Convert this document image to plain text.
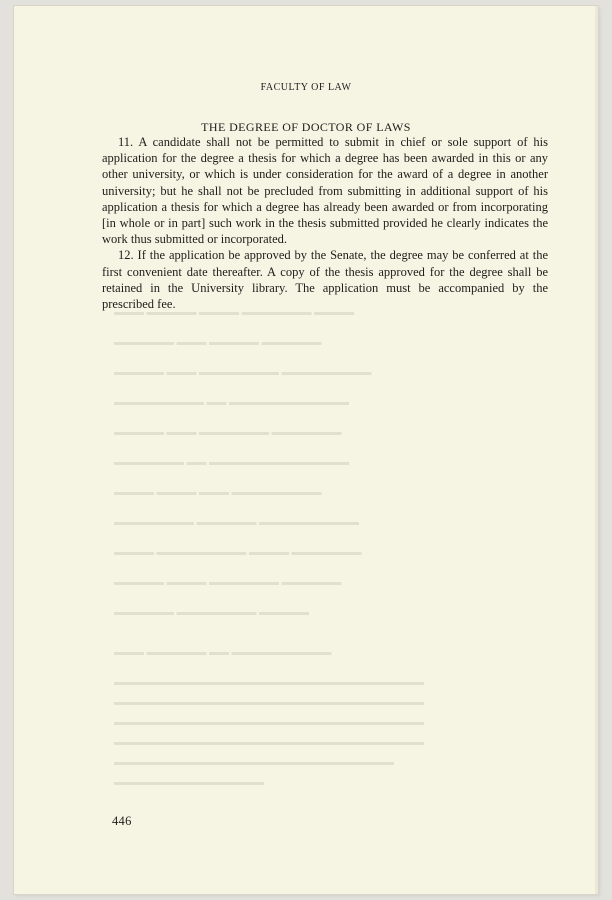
FACULTY OF LAW
THE DEGREE OF DOCTOR OF LAWS

11. A candidate shall not be permitted to submit in chief or sole support of his application for the degree a thesis for which a degree has been awarded in this or any other university, or which is under consideration for the award of a degree in another university; but he shall not be precluded from submitting in additional support of his application a thesis for which a degree has already been awarded or from incorporating [in whole or in part] such work in the thesis submitted provided he clearly indicates the work thus submitted or incorporated.

12. If the application be approved by the Senate, the degree may be conferred at the first convenient date thereafter. A copy of the thesis approved for the degree shall be retained in the University library. The application must be accompanied by the prescribed fee.

▬▬▬ ▬▬▬▬▬ ▬▬▬▬ ▬▬▬▬▬▬▬ ▬▬▬▬
▬▬▬▬▬▬ ▬▬▬ ▬▬▬▬▬ ▬▬▬▬▬▬
▬▬▬▬▬ ▬▬▬ ▬▬▬▬▬▬▬▬ ▬▬▬▬▬▬▬▬▬
▬▬▬▬▬▬▬▬▬ ▬▬ ▬▬▬▬▬▬▬▬▬▬▬▬
▬▬▬▬▬ ▬▬▬ ▬▬▬▬▬▬▬ ▬▬▬▬▬▬▬
▬▬▬▬▬▬▬ ▬▬ ▬▬▬▬▬▬▬▬▬▬▬▬▬▬
▬▬▬▬ ▬▬▬▬ ▬▬▬ ▬▬▬▬▬▬▬▬▬
▬▬▬▬▬▬▬▬ ▬▬▬▬▬▬ ▬▬▬▬▬▬▬▬▬▬
▬▬▬▬ ▬▬▬▬▬▬▬▬▬ ▬▬▬▬ ▬▬▬▬▬▬▬
▬▬▬▬▬ ▬▬▬▬ ▬▬▬▬▬▬▬ ▬▬▬▬▬▬
▬▬▬▬▬▬ ▬▬▬▬▬▬▬▬ ▬▬▬▬▬
▬▬▬ ▬▬▬▬▬▬ ▬▬ ▬▬▬▬▬▬▬▬▬▬
▬▬▬▬▬▬▬▬▬▬▬▬▬▬▬▬▬▬▬▬▬▬▬▬▬▬▬▬▬▬▬
▬▬▬▬▬▬▬▬▬▬▬▬▬▬▬▬▬▬▬▬▬▬▬▬▬▬▬▬▬▬▬
▬▬▬▬▬▬▬▬▬▬▬▬▬▬▬▬▬▬▬▬▬▬▬▬▬▬▬▬▬▬▬
▬▬▬▬▬▬▬▬▬▬▬▬▬▬▬▬▬▬▬▬▬▬▬▬▬▬▬▬▬▬▬
▬▬▬▬▬▬▬▬▬▬▬▬▬▬▬▬▬▬▬▬▬▬▬▬▬▬▬▬
▬▬▬▬▬▬▬▬▬▬▬▬▬▬▬
446
